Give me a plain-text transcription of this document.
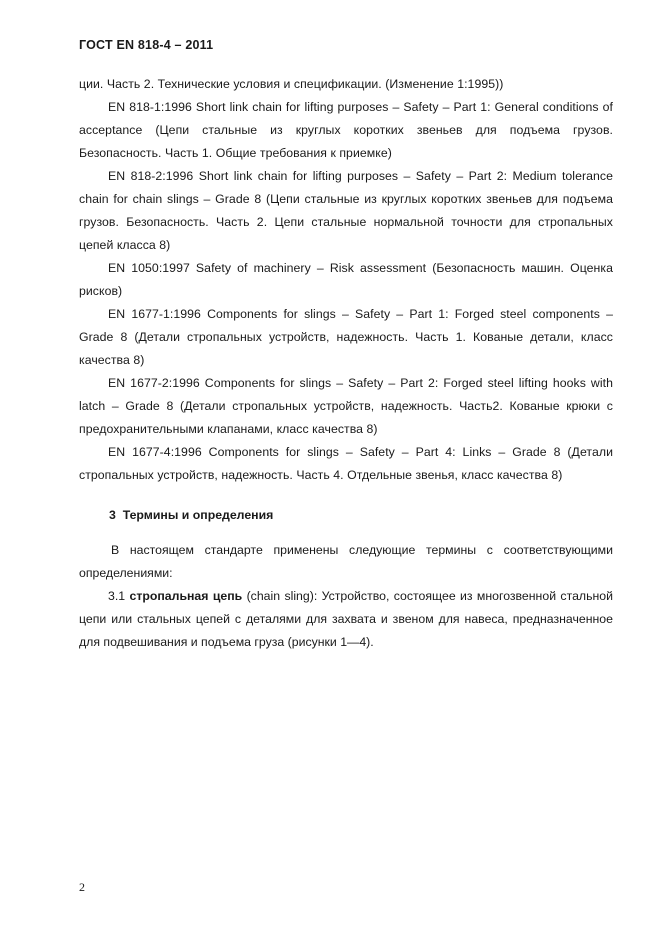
ГОСТ EN 818-4 – 2011

ции. Часть 2. Технические условия и спецификации. (Изменение 1:1995))

EN 818-1:1996 Short link chain for lifting purposes – Safety – Part 1: General conditions of acceptance (Цепи стальные из круглых коротких звеньев для подъема грузов. Безопасность. Часть 1. Общие требования к приемке)

EN 818-2:1996 Short link chain for lifting purposes – Safety – Part 2: Medium tolerance chain for chain slings – Grade 8 (Цепи стальные из круглых коротких звеньев для подъема грузов. Безопасность. Часть 2. Цепи стальные нормальной точности для стропальных цепей класса 8)

EN 1050:1997 Safety of machinery – Risk assessment (Безопасность машин. Оценка рисков)

EN 1677-1:1996 Components for slings – Safety – Part 1: Forged steel components – Grade 8 (Детали стропальных устройств, надежность. Часть 1. Кованые детали, класс качества 8)

EN 1677-2:1996 Components for slings – Safety – Part 2: Forged steel lifting hooks with latch – Grade 8 (Детали стропальных устройств, надежность. Часть2. Кованые крюки с предохранительными клапанами, класс качества 8)

EN 1677-4:1996 Components for slings – Safety – Part 4: Links – Grade 8 (Детали стропальных устройств, надежность. Часть 4. Отдельные звенья, класс качества 8)

3 Термины и определения

В настоящем стандарте применены следующие термины с соответствующими определениями:

3.1 стропальная цепь (chain sling): Устройство, состоящее из многозвенной стальной цепи или стальных цепей с деталями для захвата и звеном для навеса, предназначенное для подвешивания и подъема груза (рисунки 1—4).

2
